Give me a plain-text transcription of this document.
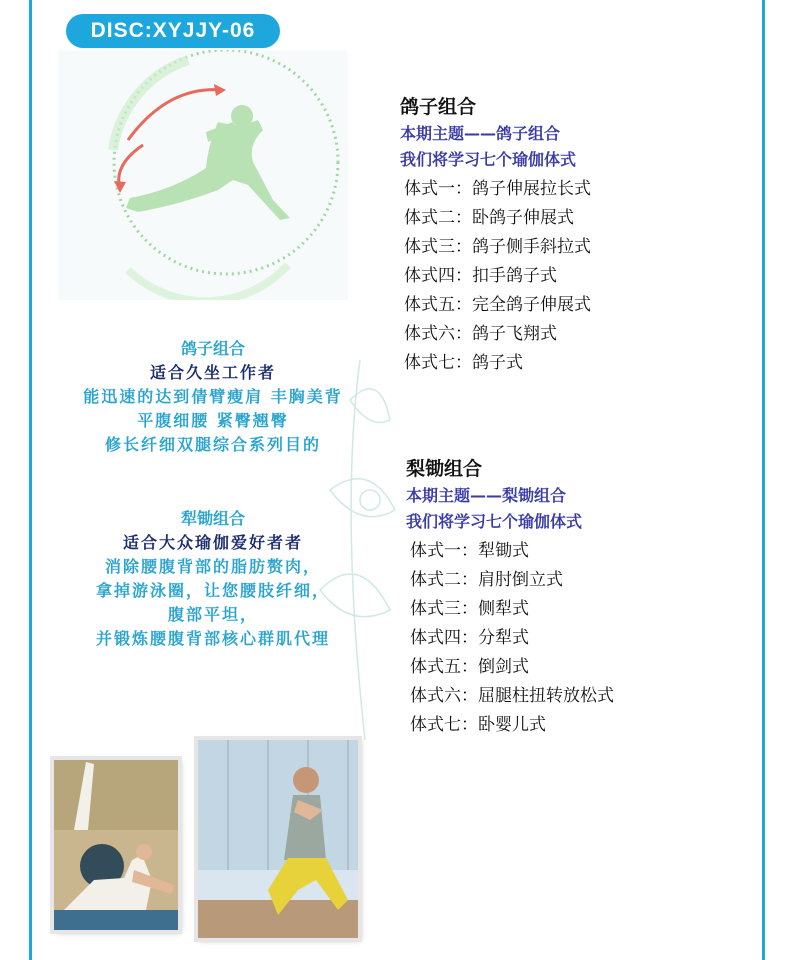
DISC:XYJJY-06
鸽子组合
适合久坐工作者
能迅速的达到倩臂瘦肩 丰胸美背
平腹细腰 紧臀翘臀
修长纤细双腿综合系列目的
犁锄组合
适合大众瑜伽爱好者者
消除腰腹背部的脂肪赘肉，
拿掉游泳圈，让您腰肢纤细，
腹部平坦，
并锻炼腰腹背部核心群肌代理
鸽子组合
本期主题——鸽子组合
我们将学习七个瑜伽体式
体式一：鸽子伸展拉长式
体式二：卧鸽子伸展式
体式三：鸽子侧手斜拉式
体式四：扣手鸽子式
体式五：完全鸽子伸展式
体式六：鸽子飞翔式
体式七：鸽子式
梨锄组合
本期主题——梨锄组合
我们将学习七个瑜伽体式
体式一：犁锄式
体式二：肩肘倒立式
体式三：侧犁式
体式四：分犁式
体式五：倒剑式
体式六：屈腿柱扭转放松式
体式七：卧婴儿式
